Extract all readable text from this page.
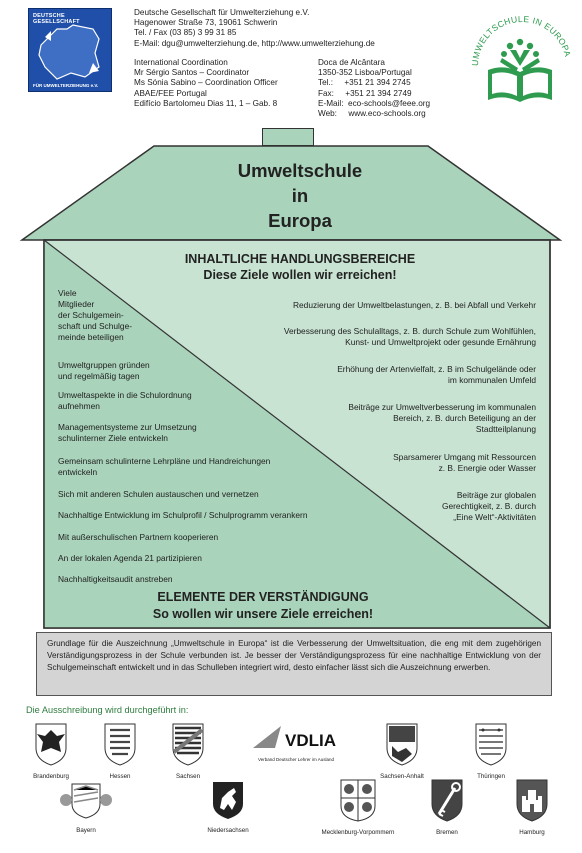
DEUTSCHE GESELLSCHAFT
FÜR UMWELTERZIEHUNG e.V.
Deutsche Gesellschaft für Umwelterziehung e.V.
Hagenower Straße 73, 19061 Schwerin
Tel. / Fax (03 85) 3 99 31 85
E-Mail: dgu@umwelterziehung.de, http://www.umwelterziehung.de
International Coordination
Mr Sérgio Santos – Coordinator
Ms Sónia Sabino – Coordination Officer
ABAE/FEE Portugal
Edifício Bartolomeu Dias 11, 1 – Gab. 8
Doca de Alcântara
1350-352 Lisboa/Portugal
Tel.:     +351 21 394 2745
Fax:     +351 21 394 2749
E-Mail:  eco-schools@feee.org
Web:     www.eco-schools.org
UMWELTSCHULE IN EUROPA
Umweltschule
in
Europa
INHALTLICHE HANDLUNGSBEREICHE
Diese Ziele wollen wir erreichen!
Reduzierung der Umweltbelastungen, z. B. bei Abfall und Verkehr
Verbesserung des Schulalltags, z. B. durch Schule zum Wohlfühlen,
Kunst- und Umweltprojekt oder gesunde Ernährung
Erhöhung der Artenvielfalt, z. B im Schulgelände oder
im kommunalen Umfeld
Beiträge zur Umweltverbesserung im kommunalen
Bereich, z. B. durch Beteiligung an der
Stadtteilplanung
Sparsamerer Umgang mit Ressourcen
z. B. Energie oder Wasser
Beiträge zur globalen
Gerechtigkeit, z. B. durch
„Eine Welt“-Aktivitäten
Viele
Mitglieder
der Schulgemein-
schaft und Schulge-
meinde beteiligen
Umweltgruppen gründen
und regelmäßig tagen
Umweltaspekte in die Schulordnung
aufnehmen
Managementsysteme zur Umsetzung
schulinterner Ziele entwickeln
Gemeinsam schulinterne Lehrpläne und Handreichungen
entwickeln
Sich mit anderen Schulen austauschen und vernetzen
Nachhaltige Entwicklung im Schulprofil / Schulprogramm verankern
Mit außerschulischen Partnern kooperieren
An der lokalen Agenda 21 partizipieren
Nachhaltigkeitsaudit anstreben
ELEMENTE DER VERSTÄNDIGUNG
So wollen wir unsere Ziele erreichen!
Grundlage für die Auszeichnung „Umweltschule in Europa“ ist die Verbesserung der Umweltsituation, die eng mit dem zugehörigen Verständigungsprozess in der Schule verbunden ist. Je besser der Verständigungsprozess für eine nachhaltige Entwicklung von der Schulgemeinschaft entwickelt und in das Schulleben integriert wird, desto einfacher lässt sich die Auszeichnung erwerben.
Die Ausschreibung wird durchgeführt in:
Brandenburg	Hessen	Sachsen
VDLIA
Verband Deutscher Lehrer im Ausland
Sachsen-Anhalt	Thüringen
Bayern	Niedersachsen	Mecklenburg-Vorpommern	Bremen	Hamburg
